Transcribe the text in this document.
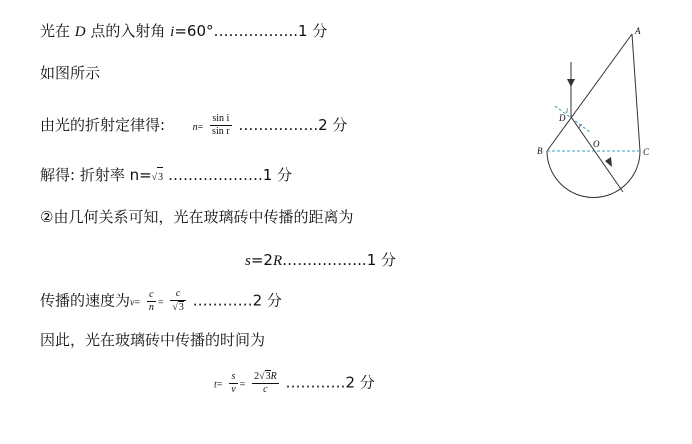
光在 D 点的入射角 i=60°……………..1 分
如图所示
由光的折射定律得:	$n= \frac{\text{sin i}}{\text{sin r}}$ …………….2 分
解得: 折射率 n=√3 ……………….1 分
②由几何关系可知，光在玻璃砖中传播的距离为
s=2R……………..1 分
传播的速度为$v= \frac{c}{n} = \frac{c}{√3}$ …………2 分
因此，光在玻璃砖中传播的时间为
$t= \frac{s}{v} = \frac{2√3R}{c}$ …………2 分
A
B	C
D
O
i
r
